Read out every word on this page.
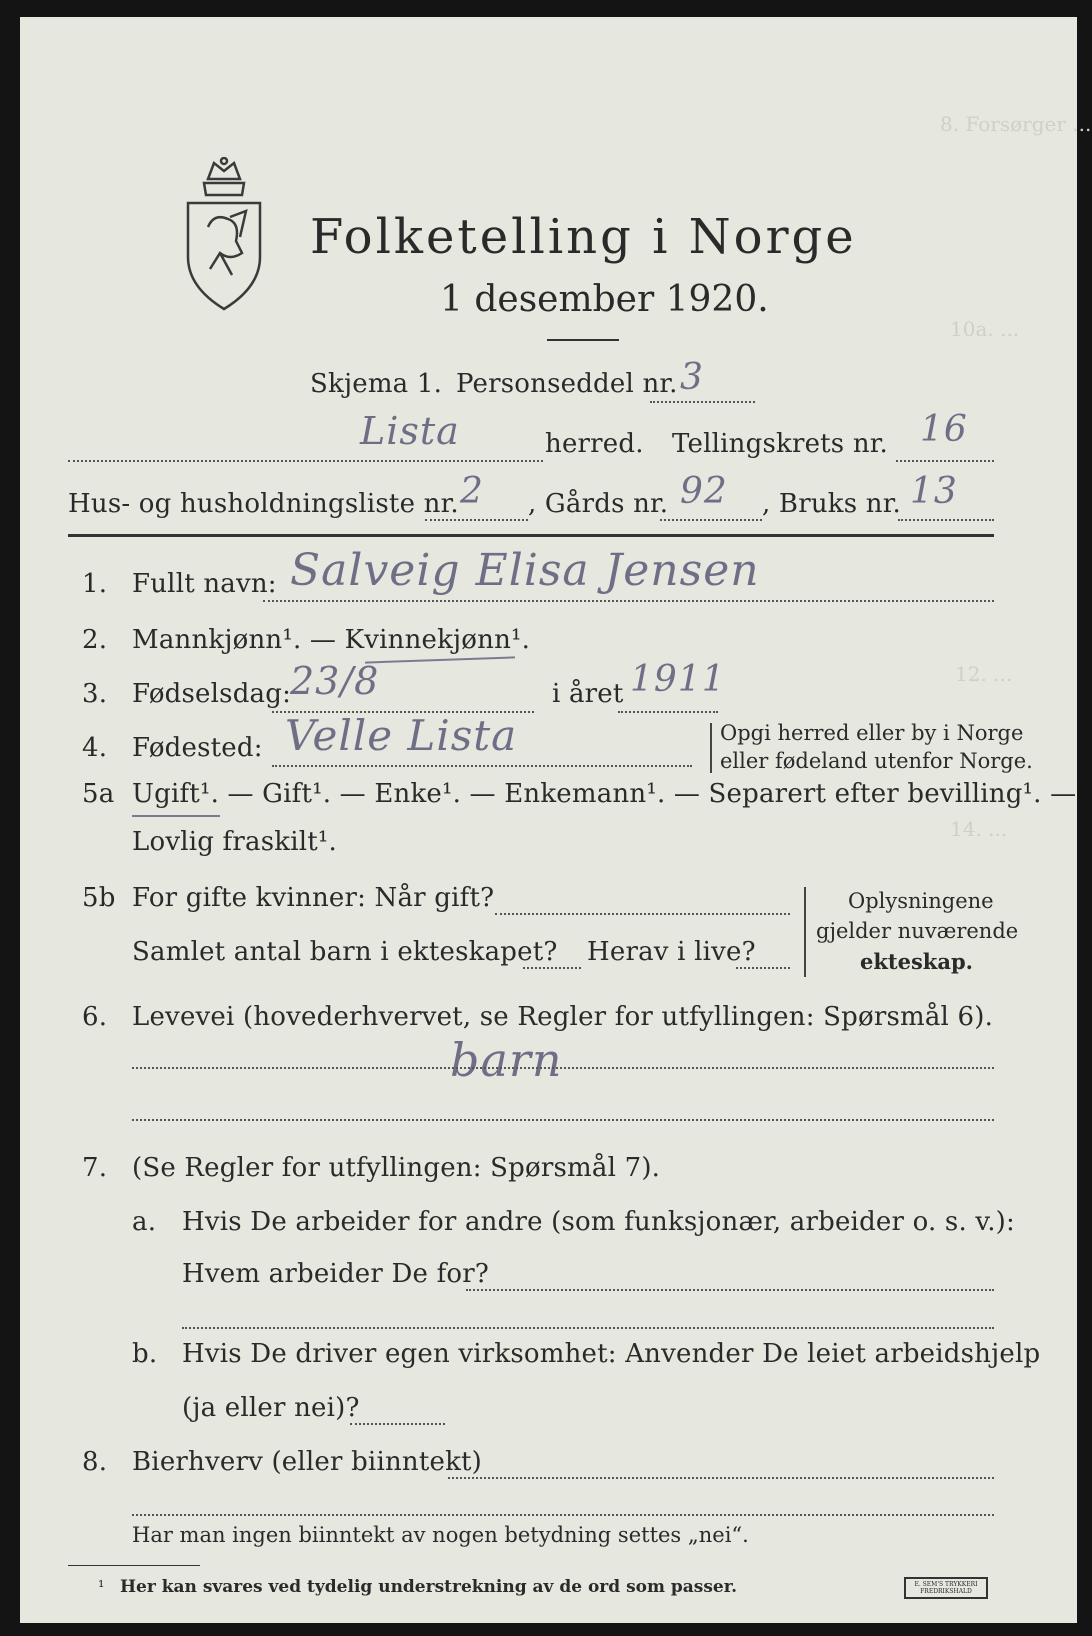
8. Forsørger ...
10a. ...
12. ...
14. ...
Folketelling i Norge
1 desember 1920.
Skjema 1. Personseddel nr. 3
Lista	herred. Tellingskrets nr. 16
Hus- og husholdningsliste nr. 2 , Gårds nr. 92 , Bruks nr. 13
1. Fullt navn: Salveig Elisa Jensen
2. Mannkjønn¹. — Kvinnekjønn¹.
3. Fødselsdag:
23/8	i året 1911
4. Fødested: Velle Lista	Opgi herred eller by i Norge
eller fødeland utenfor Norge.
5a Ugift¹. — Gift¹. — Enke¹. — Enkemann¹. — Separert efter bevilling¹. —
Lovlig fraskilt¹.
5b For gifte kvinner: Når gift?
Samlet antal barn i ekteskapet? Herav i live?
Oplysningene
gjelder nuværende
ekteskap.
6. Levevei (hovederhvervet, se Regler for utfyllingen: Spørsmål 6).
barn
7. (Se Regler for utfyllingen: Spørsmål 7).
a. Hvis De arbeider for andre (som funksjonær, arbeider o. s. v.):
Hvem arbeider De for?
b. Hvis De driver egen virksomhet: Anvender De leiet arbeidshjelp
(ja eller nei)?
8. Bierhverv (eller biinntekt)
Har man ingen biinntekt av nogen betydning settes „nei“.
¹ Her kan svares ved tydelig understrekning av de ord som passer.	E. SEM'S TRYKKERI FREDRIKSHALD
